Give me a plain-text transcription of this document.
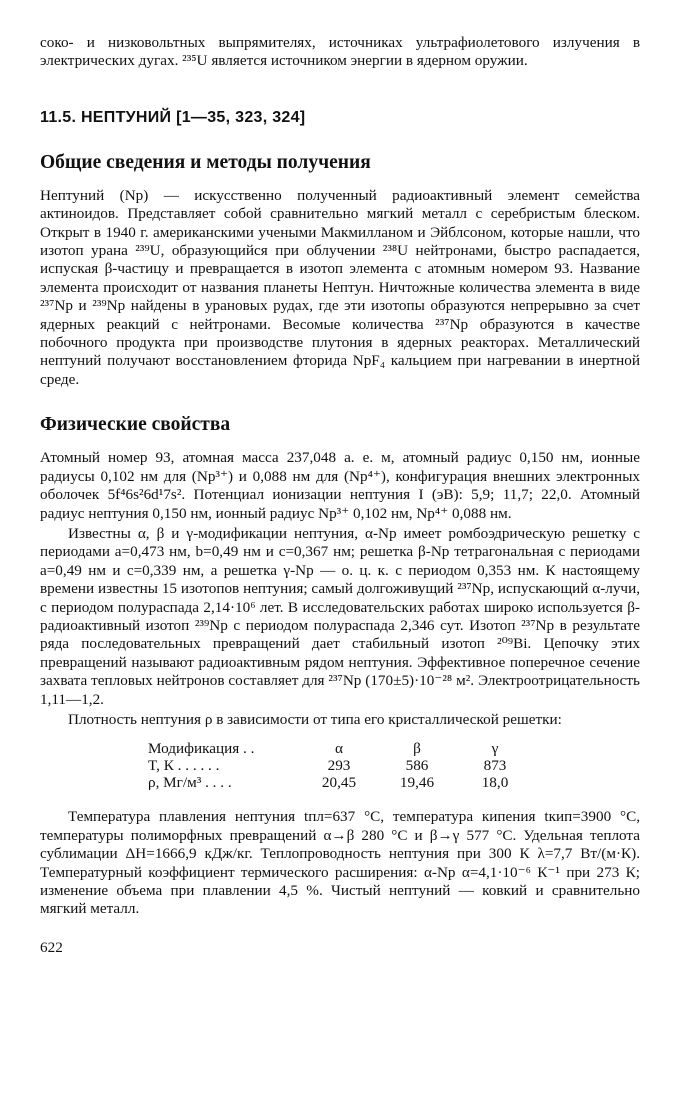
соко- и низковольтных выпрямителях, источниках ультрафиолетового излучения в электрических дугах. ²³⁵U является источником энергии в ядерном оружии.

11.5. НЕПТУНИЙ [1—35, 323, 324]
Общие сведения и методы получения

Нептуний (Np) — искусственно полученный радиоактивный элемент семейства актиноидов. Представляет собой сравнительно мягкий металл с серебристым блеском. Открыт в 1940 г. американскими учеными Макмилланом и Эйблсоном, которые нашли, что изотоп урана ²³⁹U, образующийся при облучении ²³⁸U нейтронами, быстро распадается, испуская β-частицу и превращается в изотоп элемента с атомным номером 93. Название элемента происходит от названия планеты Нептун. Ничтожные количества элемента в виде ²³⁷Np и ²³⁹Np найдены в урановых рудах, где эти изотопы образуются непрерывно за счет ядерных реакций с нейтронами. Весомые количества ²³⁷Np образуются в качестве побочного продукта при производстве плутония в ядерных реакторах. Металлический нептуний получают восстановлением фторида NpF₄ кальцием при нагревании в инертной среде.

Физические свойства

Атомный номер 93, атомная масса 237,048 а. е. м, атомный радиус 0,150 нм, ионные радиусы 0,102 нм для (Np³⁺) и 0,088 нм для (Np⁴⁺), конфигурация внешних электронных оболочек 5f⁴6s²6d¹7s². Потенциал ионизации нептуния I (эВ): 5,9; 11,7; 22,0. Атомный радиус нептуния 0,150 нм, ионный радиус Np³⁺ 0,102 нм, Np⁴⁺ 0,088 нм.

Известны α, β и γ-модификации нептуния, α-Np имеет ромбоэдрическую решетку с периодами a=0,473 нм, b=0,49 нм и c=0,367 нм; решетка β-Np тетрагональная с периодами a=0,49 нм и c=0,339 нм, а решетка γ-Np — о. ц. к. с периодом 0,353 нм. К настоящему времени известны 15 изотопов нептуния; самый долгоживущий ²³⁷Np, испускающий α-лучи, с периодом полураспада 2,14·10⁶ лет. В исследовательских работах широко используется β-радиоактивный изотоп ²³⁹Np с периодом полураспада 2,346 сут. Изотоп ²³⁷Np в результате ряда последовательных превращений дает стабильный изотоп ²⁰⁹Bi. Цепочку этих превращений называют радиоактивным рядом нептуния. Эффективное поперечное сечение захвата тепловых нейтронов составляет для ²³⁷Np (170±5)·10⁻²⁸ м². Электроотрицательность 1,11—1,2.

Плотность нептуния ρ в зависимости от типа его кристаллической решетки:

Модификация . .	α	β	γ
T, К . . . . . .	293	586	873
ρ, Мг/м³ . . . .	20,45	19,46	18,0

Температура плавления нептуния tпл=637 °С, температура кипения tкип=3900 °С, температуры полиморфных превращений α→β 280 °С и β→γ 577 °С. Удельная теплота сублимации ΔH=1666,9 кДж/кг. Теплопроводность нептуния при 300 К λ=7,7 Вт/(м·К). Температурный коэффициент термического расширения: α-Np α=4,1·10⁻⁶ К⁻¹ при 273 К; изменение объема при плавлении 4,5 %. Чистый нептуний — ковкий и сравнительно мягкий металл.

622
